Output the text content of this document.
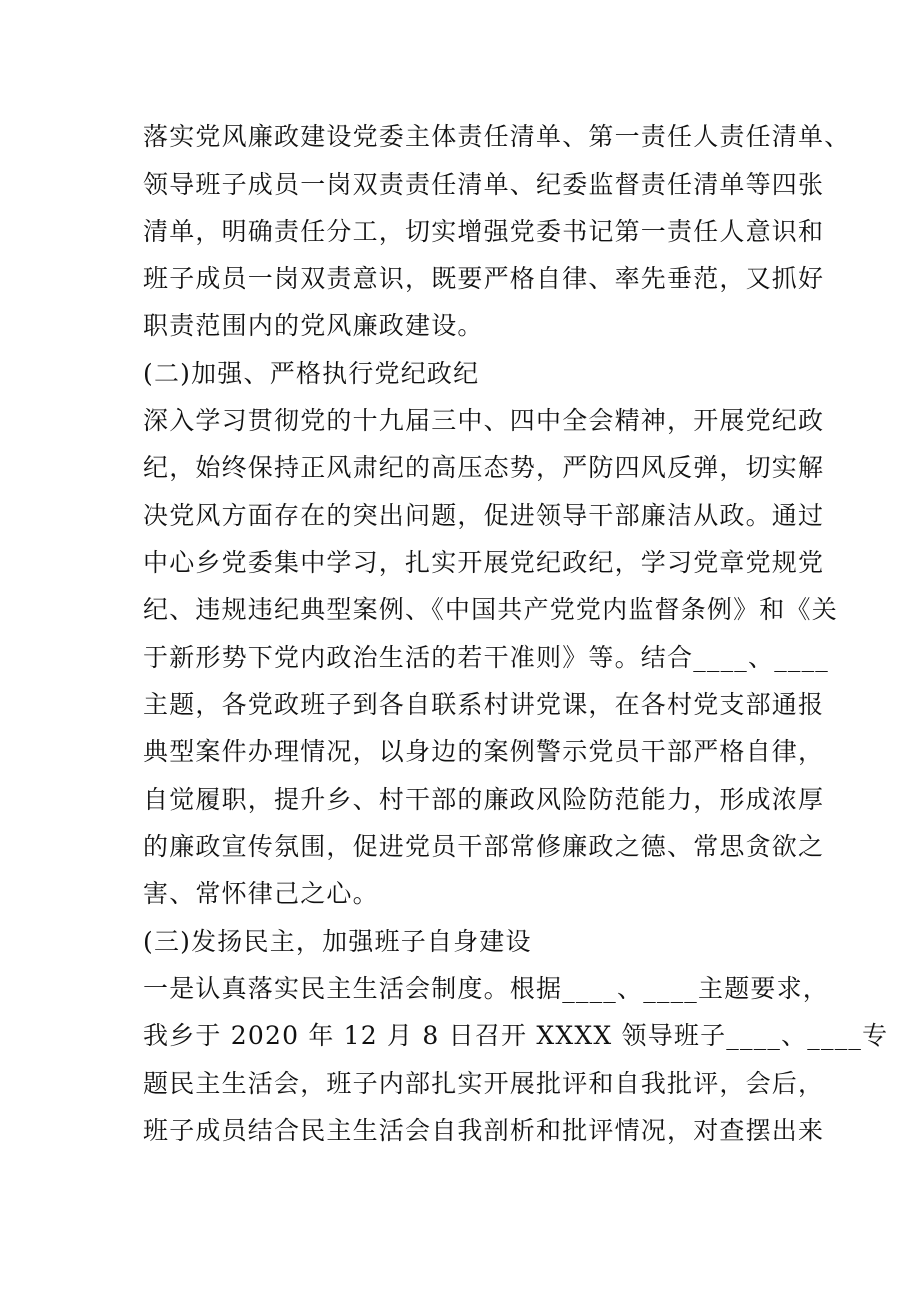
落实党风廉政建设党委主体责任清单、第一责任人责任清单、
领导班子成员一岗双责责任清单、纪委监督责任清单等四张
清单，明确责任分工，切实增强党委书记第一责任人意识和
班子成员一岗双责意识，既要严格自律、率先垂范，又抓好
职责范围内的党风廉政建设。
(二)加强、严格执行党纪政纪
深入学习贯彻党的十九届三中、四中全会精神，开展党纪政
纪，始终保持正风肃纪的高压态势，严防四风反弹，切实解
决党风方面存在的突出问题，促进领导干部廉洁从政。通过
中心乡党委集中学习，扎实开展党纪政纪，学习党章党规党
纪、违规违纪典型案例、《中国共产党党内监督条例》和《关
于新形势下党内政治生活的若干准则》等。结合____、____
主题，各党政班子到各自联系村讲党课，在各村党支部通报
典型案件办理情况，以身边的案例警示党员干部严格自律，
自觉履职，提升乡、村干部的廉政风险防范能力，形成浓厚
的廉政宣传氛围，促进党员干部常修廉政之德、常思贪欲之
害、常怀律己之心。
(三)发扬民主，加强班子自身建设
一是认真落实民主生活会制度。根据____、____主题要求，
我乡于 2020 年 12 月 8 日召开 XXXX 领导班子____、____专
题民主生活会，班子内部扎实开展批评和自我批评，会后，
班子成员结合民主生活会自我剖析和批评情况，对查摆出来
